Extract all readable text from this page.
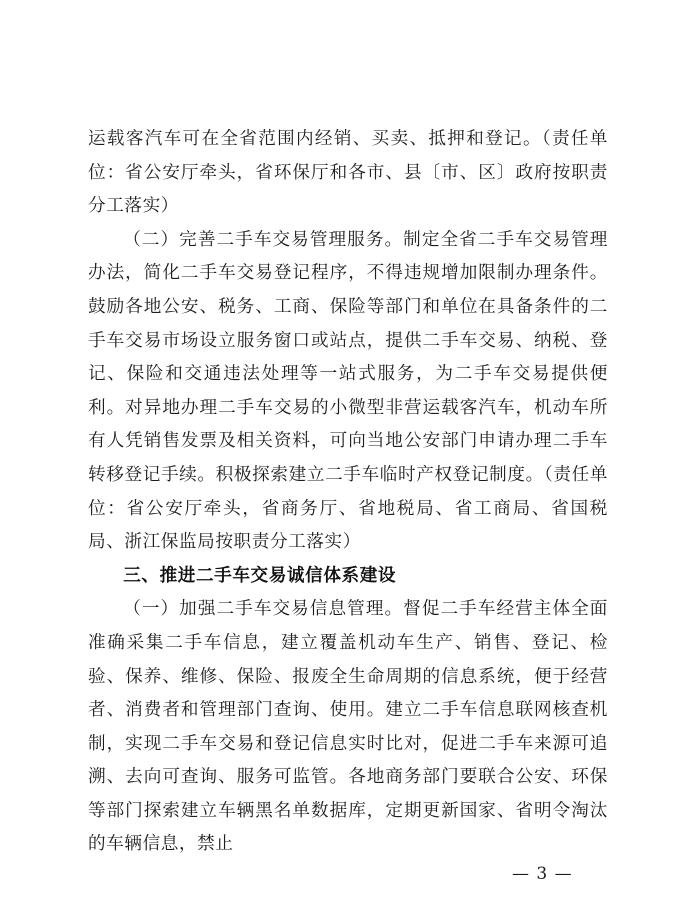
运载客汽车可在全省范围内经销、买卖、抵押和登记。（责任单位：省公安厅牵头，省环保厅和各市、县〔市、区〕政府按职责分工落实）

（二）完善二手车交易管理服务。制定全省二手车交易管理办法，简化二手车交易登记程序，不得违规增加限制办理条件。鼓励各地公安、税务、工商、保险等部门和单位在具备条件的二手车交易市场设立服务窗口或站点，提供二手车交易、纳税、登记、保险和交通违法处理等一站式服务，为二手车交易提供便利。对异地办理二手车交易的小微型非营运载客汽车，机动车所有人凭销售发票及相关资料，可向当地公安部门申请办理二手车转移登记手续。积极探索建立二手车临时产权登记制度。（责任单位：省公安厅牵头，省商务厅、省地税局、省工商局、省国税局、浙江保监局按职责分工落实）

三、推进二手车交易诚信体系建设

（一）加强二手车交易信息管理。督促二手车经营主体全面准确采集二手车信息，建立覆盖机动车生产、销售、登记、检验、保养、维修、保险、报废全生命周期的信息系统，便于经营者、消费者和管理部门查询、使用。建立二手车信息联网核查机制，实现二手车交易和登记信息实时比对，促进二手车来源可追溯、去向可查询、服务可监管。各地商务部门要联合公安、环保等部门探索建立车辆黑名单数据库，定期更新国家、省明令淘汰的车辆信息，禁止

— 3 —
